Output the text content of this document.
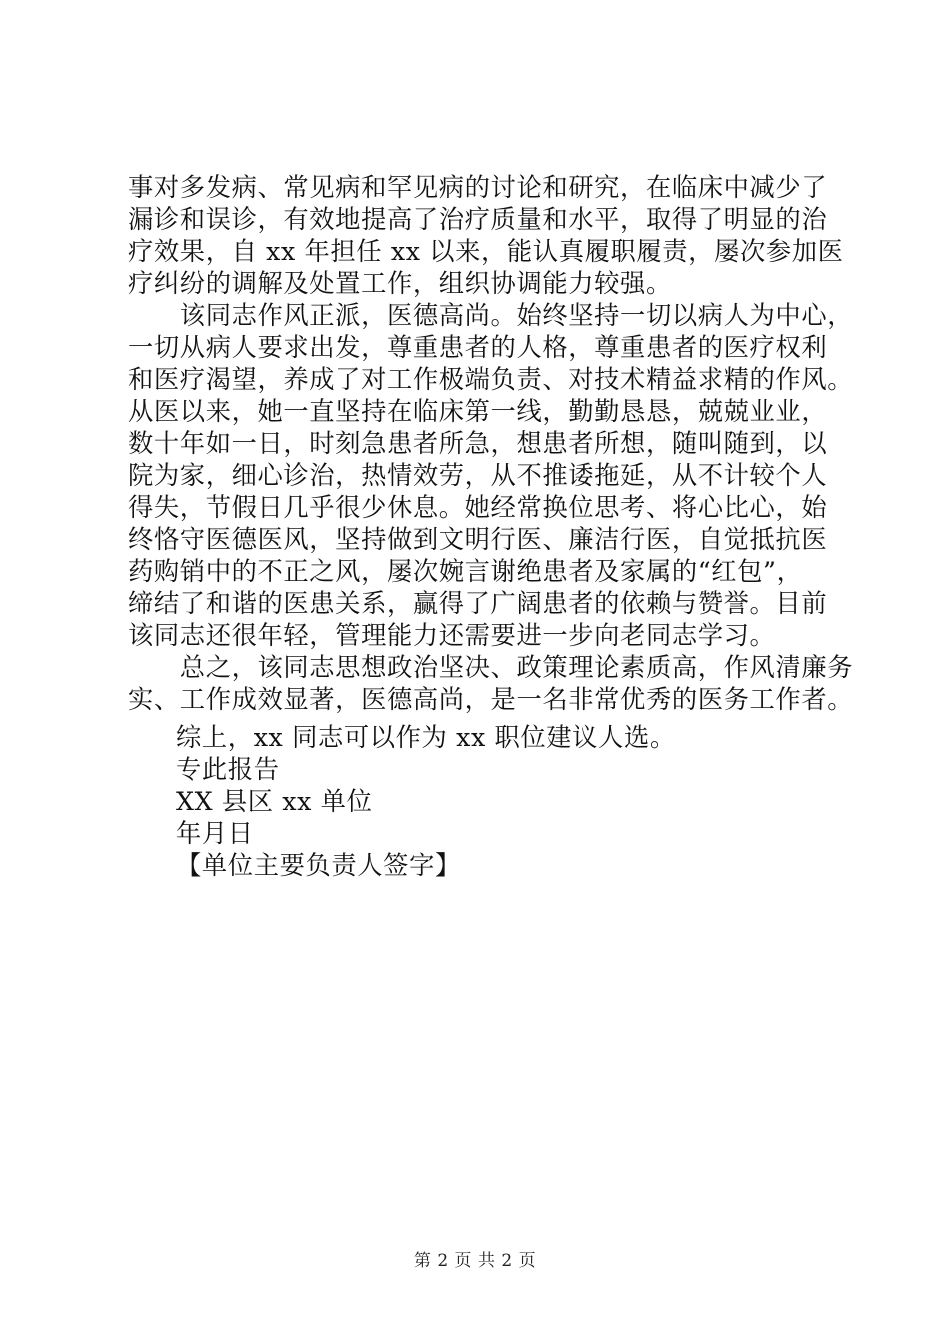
事对多发病、常见病和罕见病的讨论和研究，在临床中减少了
漏诊和误诊，有效地提高了治疗质量和水平，取得了明显的治
疗效果，自 xx 年担任 xx 以来，能认真履职履责，屡次参加医
疗纠纷的调解及处置工作，组织协调能力较强。
　　该同志作风正派，医德高尚。始终坚持一切以病人为中心，
一切从病人要求出发，尊重患者的人格，尊重患者的医疗权利
和医疗渴望，养成了对工作极端负责、对技术精益求精的作风。
从医以来，她一直坚持在临床第一线，勤勤恳恳，兢兢业业，
数十年如一日，时刻急患者所急，想患者所想，随叫随到，以
院为家，细心诊治，热情效劳，从不推诿拖延，从不计较个人
得失，节假日几乎很少休息。她经常换位思考、将心比心，始
终恪守医德医风，坚持做到文明行医、廉洁行医，自觉抵抗医
药购销中的不正之风，屡次婉言谢绝患者及家属的“红包”，
缔结了和谐的医患关系，赢得了广阔患者的依赖与赞誉。目前
该同志还很年轻，管理能力还需要进一步向老同志学习。
　　总之，该同志思想政治坚决、政策理论素质高，作风清廉务
实、工作成效显著，医德高尚，是一名非常优秀的医务工作者。
综上，xx 同志可以作为 xx 职位建议人选。
专此报告
XX 县区 xx 单位
年月日
【单位主要负责人签字】
第 2 页 共 2 页
